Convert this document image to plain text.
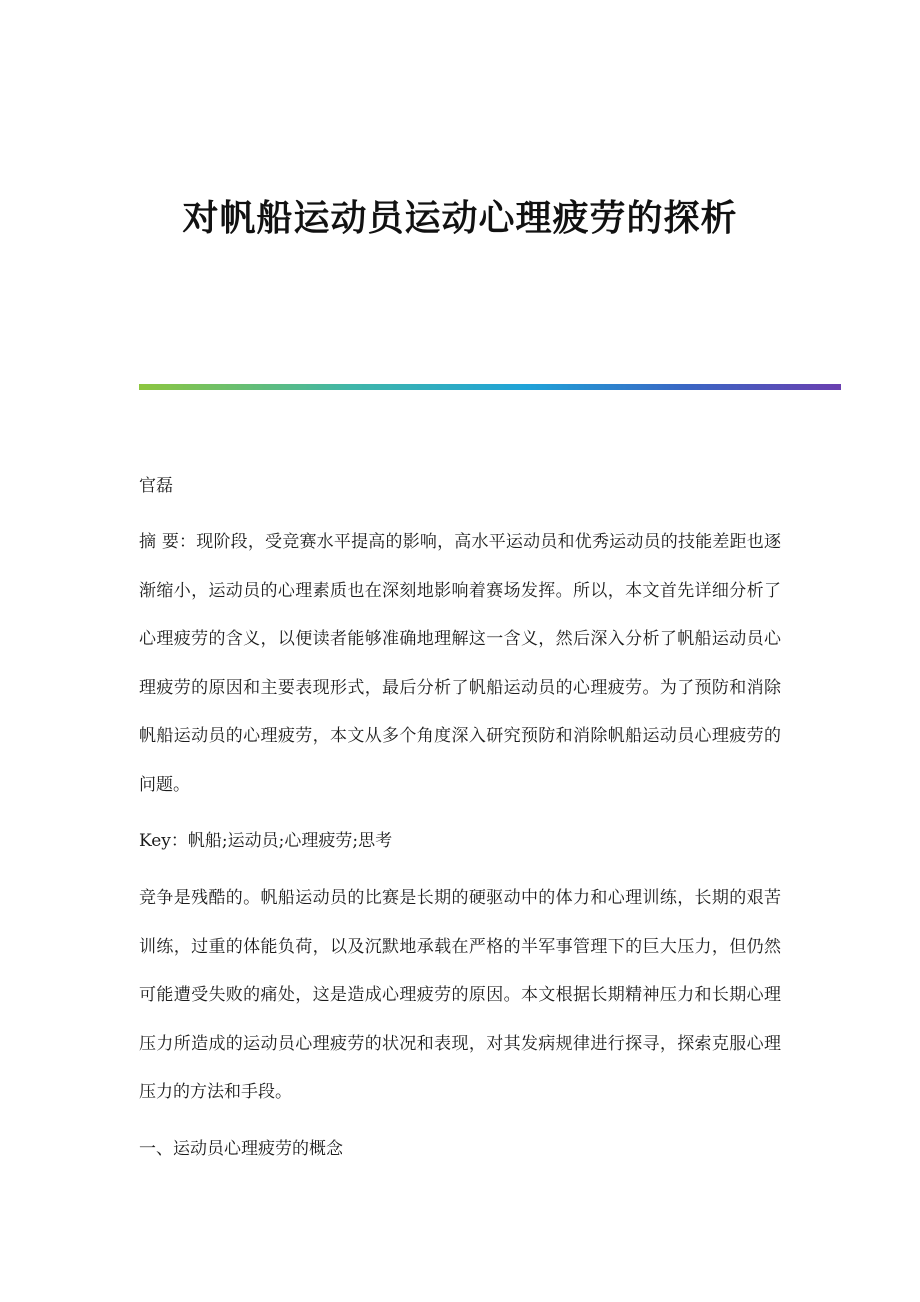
对帆船运动员运动心理疲劳的探析

官磊

摘 要：现阶段，受竞赛水平提高的影响，高水平运动员和优秀运动员的技能差距也逐渐缩小，运动员的心理素质也在深刻地影响着赛场发挥。所以，本文首先详细分析了心理疲劳的含义，以便读者能够准确地理解这一含义，然后深入分析了帆船运动员心理疲劳的原因和主要表现形式，最后分析了帆船运动员的心理疲劳。为了预防和消除帆船运动员的心理疲劳，本文从多个角度深入研究预防和消除帆船运动员心理疲劳的问题。

Key：帆船;运动员;心理疲劳;思考

竞争是残酷的。帆船运动员的比赛是长期的硬驱动中的体力和心理训练，长期的艰苦训练，过重的体能负荷，以及沉默地承载在严格的半军事管理下的巨大压力，但仍然可能遭受失败的痛处，这是造成心理疲劳的原因。本文根据长期精神压力和长期心理压力所造成的运动员心理疲劳的状况和表现，对其发病规律进行探寻，探索克服心理压力的方法和手段。

一、运动员心理疲劳的概念
